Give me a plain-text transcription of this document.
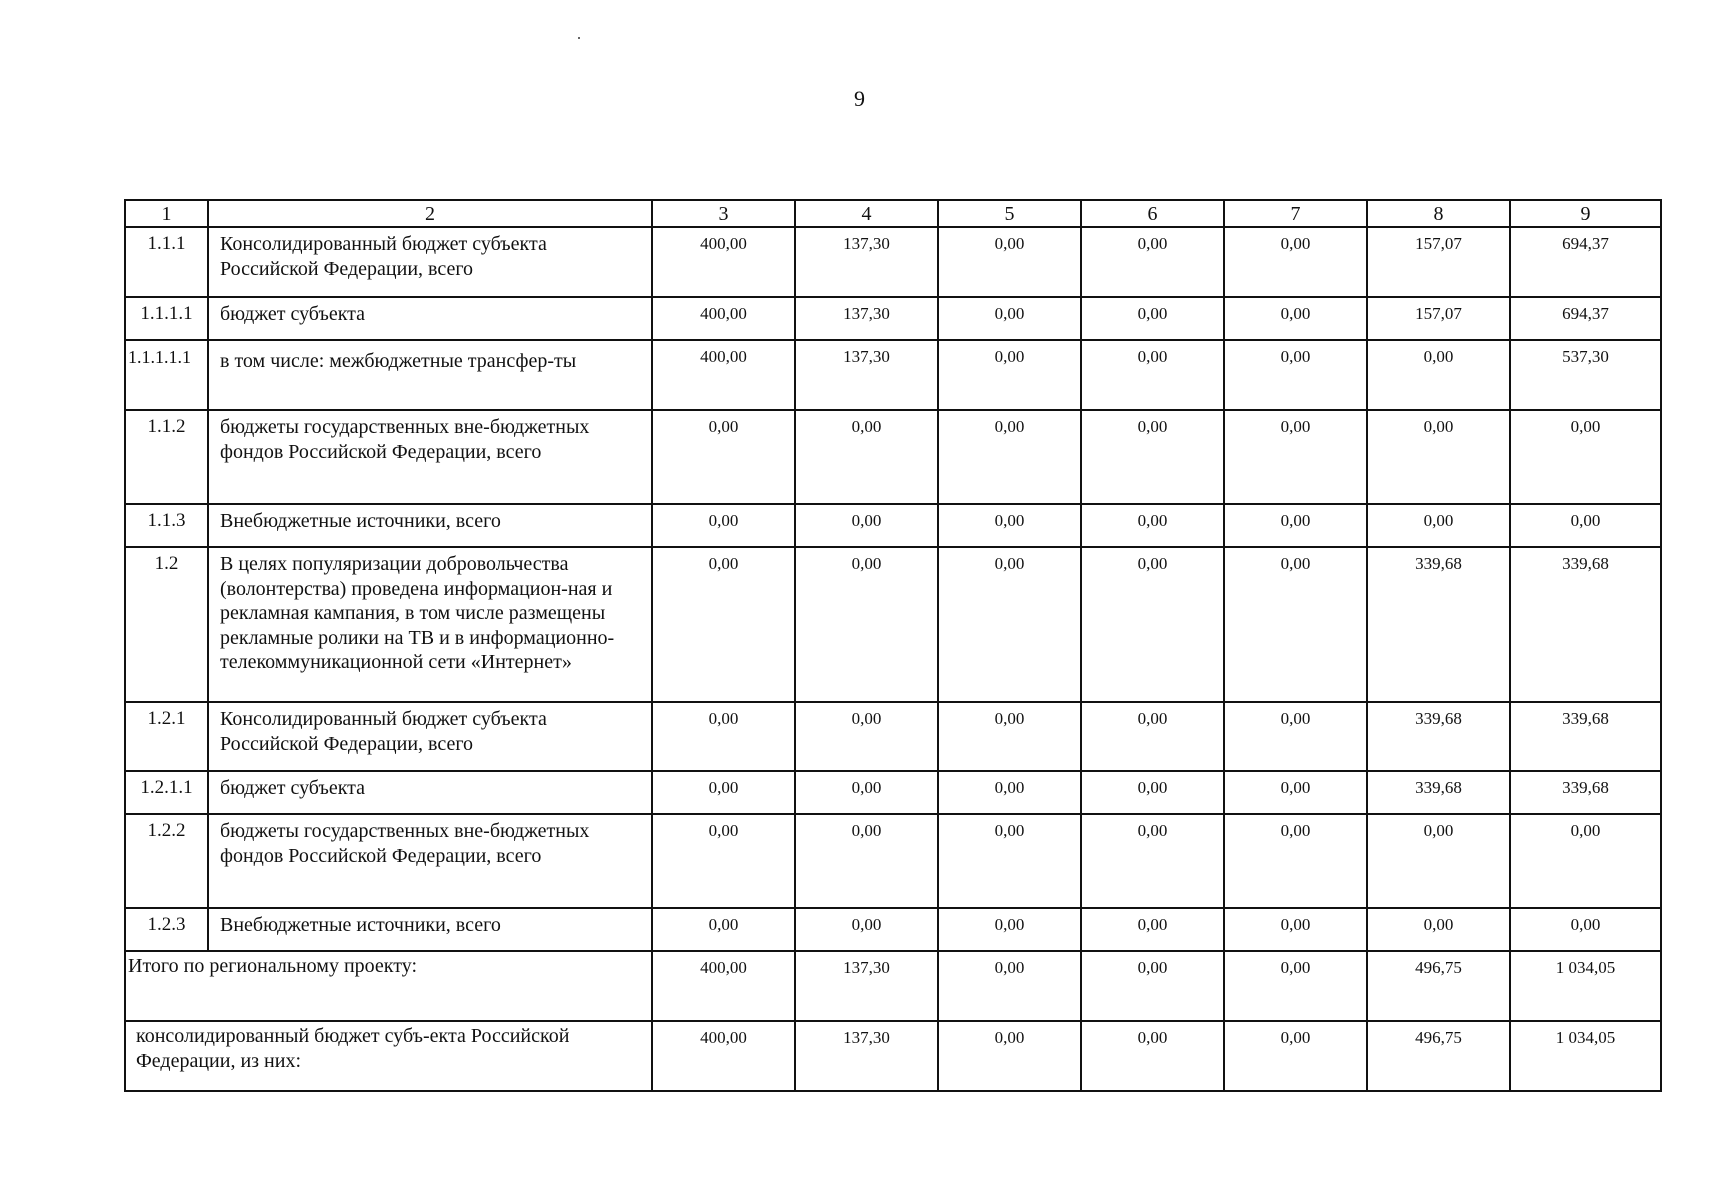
9
1	2	3	4	5	6	7	8	9
1.1.1	Консолидированный бюджет субъекта Российской Федерации, всего	400,00	137,30	0,00	0,00	0,00	157,07	694,37
1.1.1.1	бюджет субъекта	400,00	137,30	0,00	0,00	0,00	157,07	694,37
1.1.1.1.1	в том числе: межбюджетные трансфер-ты	400,00	137,30	0,00	0,00	0,00	0,00	537,30
1.1.2	бюджеты государственных вне-бюджетных фондов Российской Федерации, всего	0,00	0,00	0,00	0,00	0,00	0,00	0,00
1.1.3	Внебюджетные источники, всего	0,00	0,00	0,00	0,00	0,00	0,00	0,00
1.2	В целях популяризации добровольчества (волонтерства) проведена информацион-ная и рекламная кампания, в том числе размещены рекламные ролики на ТВ и в информационно-телекоммуникационной сети «Интернет»	0,00	0,00	0,00	0,00	0,00	339,68	339,68
1.2.1	Консолидированный бюджет субъекта Российской Федерации, всего	0,00	0,00	0,00	0,00	0,00	339,68	339,68
1.2.1.1	бюджет субъекта	0,00	0,00	0,00	0,00	0,00	339,68	339,68
1.2.2	бюджеты государственных вне-бюджетных фондов Российской Федерации, всего	0,00	0,00	0,00	0,00	0,00	0,00	0,00
1.2.3	Внебюджетные источники, всего	0,00	0,00	0,00	0,00	0,00	0,00	0,00
Итого по региональному проекту:		400,00	137,30	0,00	0,00	0,00	496,75	1 034,05
консолидированный бюджет субъ-екта Российской Федерации, из них:		400,00	137,30	0,00	0,00	0,00	496,75	1 034,05
